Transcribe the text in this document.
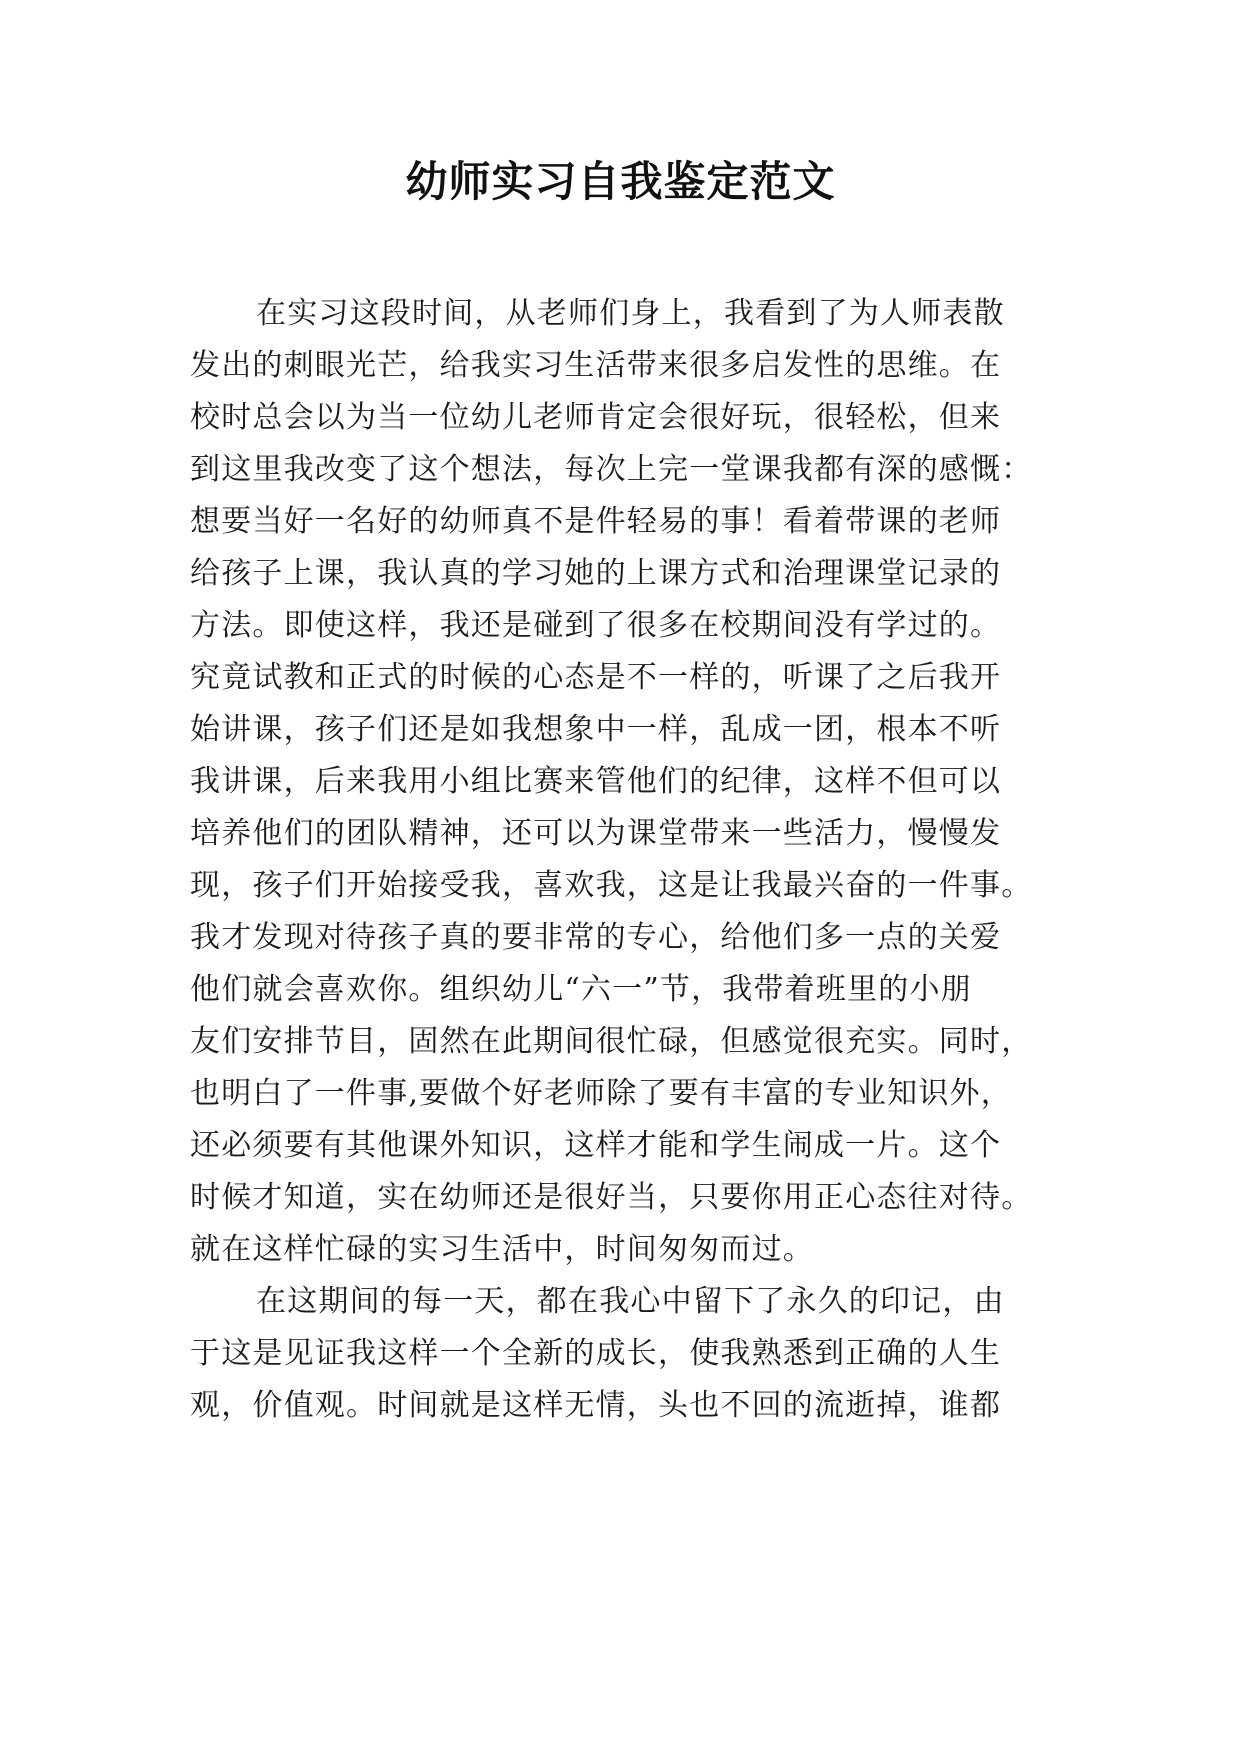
幼师实习自我鉴定范文
在实习这段时间，从老师们身上，我看到了为人师表散
发出的刺眼光芒，给我实习生活带来很多启发性的思维。在
校时总会以为当一位幼儿老师肯定会很好玩，很轻松，但来
到这里我改变了这个想法，每次上完一堂课我都有深的感慨：
想要当好一名好的幼师真不是件轻易的事！看着带课的老师
给孩子上课，我认真的学习她的上课方式和治理课堂记录的
方法。即使这样，我还是碰到了很多在校期间没有学过的。
究竟试教和正式的时候的心态是不一样的，听课了之后我开
始讲课，孩子们还是如我想象中一样，乱成一团，根本不听
我讲课，后来我用小组比赛来管他们的纪律，这样不但可以
培养他们的团队精神，还可以为课堂带来一些活力，慢慢发
现，孩子们开始接受我，喜欢我，这是让我最兴奋的一件事。
我才发现对待孩子真的要非常的专心，给他们多一点的关爱
他们就会喜欢你。组织幼儿“六一”节，我带着班里的小朋
友们安排节目，固然在此期间很忙碌，但感觉很充实。同时，
也明白了一件事,要做个好老师除了要有丰富的专业知识外，
还必须要有其他课外知识，这样才能和学生闹成一片。这个
时候才知道，实在幼师还是很好当，只要你用正心态往对待。
就在这样忙碌的实习生活中，时间匆匆而过。
在这期间的每一天，都在我心中留下了永久的印记，由
于这是见证我这样一个全新的成长，使我熟悉到正确的人生
观，价值观。时间就是这样无情，头也不回的流逝掉，谁都
